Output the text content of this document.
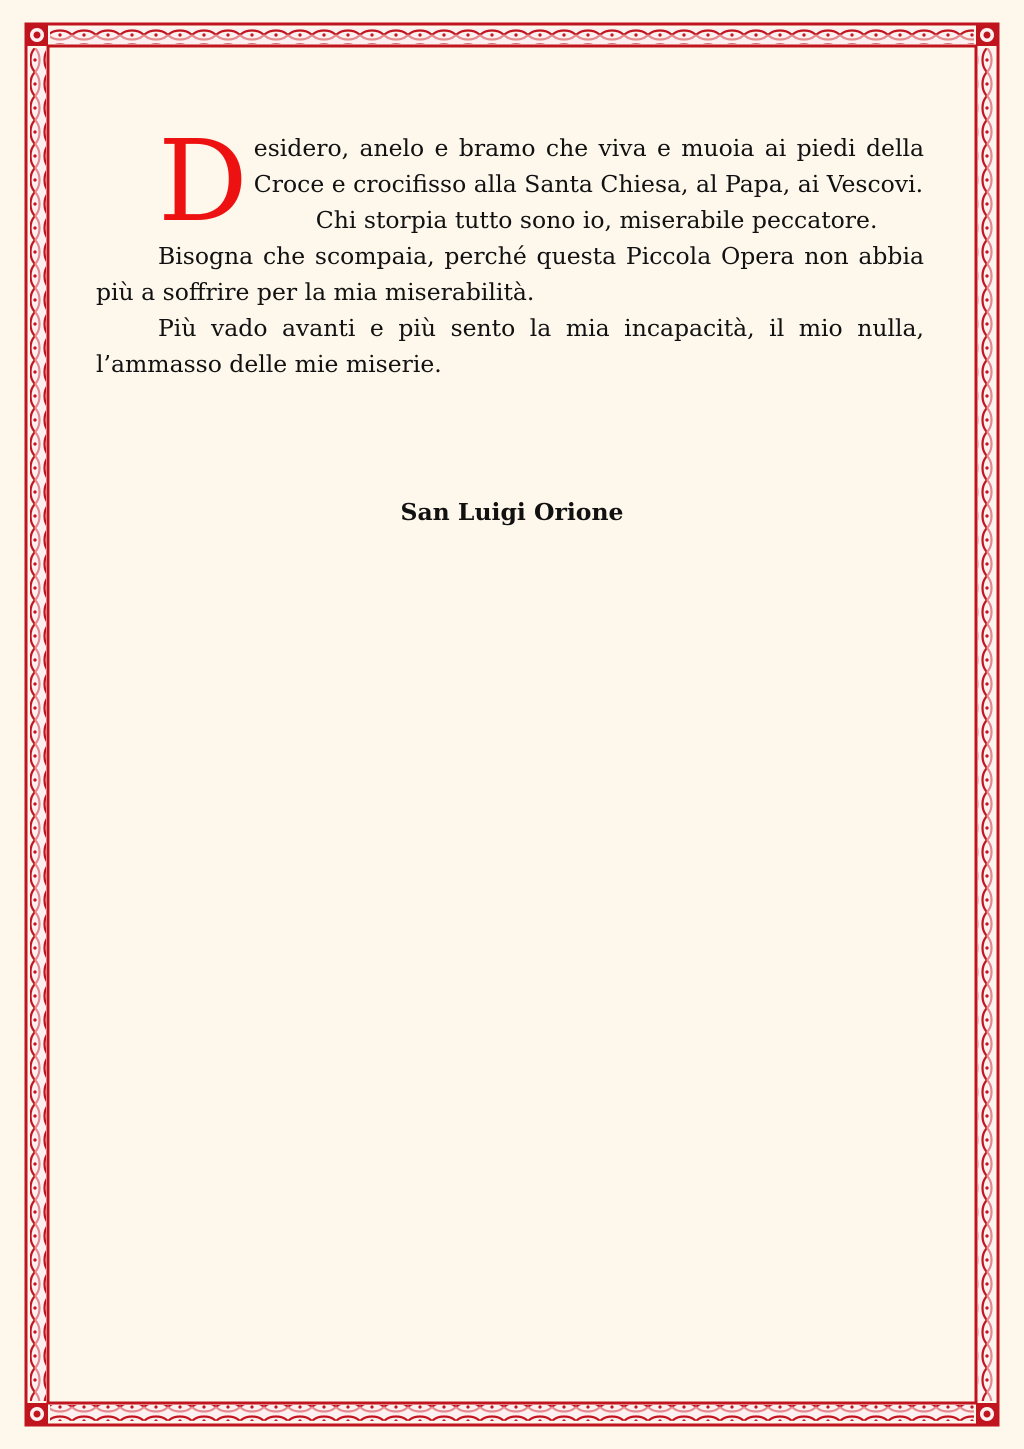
Desidero, anelo e bramo che viva e muoia ai piedi della Croce e crocifisso alla Santa Chiesa, al Papa, ai Vescovi.

Chi storpia tutto sono io, miserabile peccatore.

Bisogna che scompaia, perché questa Piccola Opera non abbia più a soffrire per la mia miserabilità.

Più vado avanti e più sento la mia incapacità, il mio nulla, l’ammasso delle mie miserie.

San Luigi Orione
